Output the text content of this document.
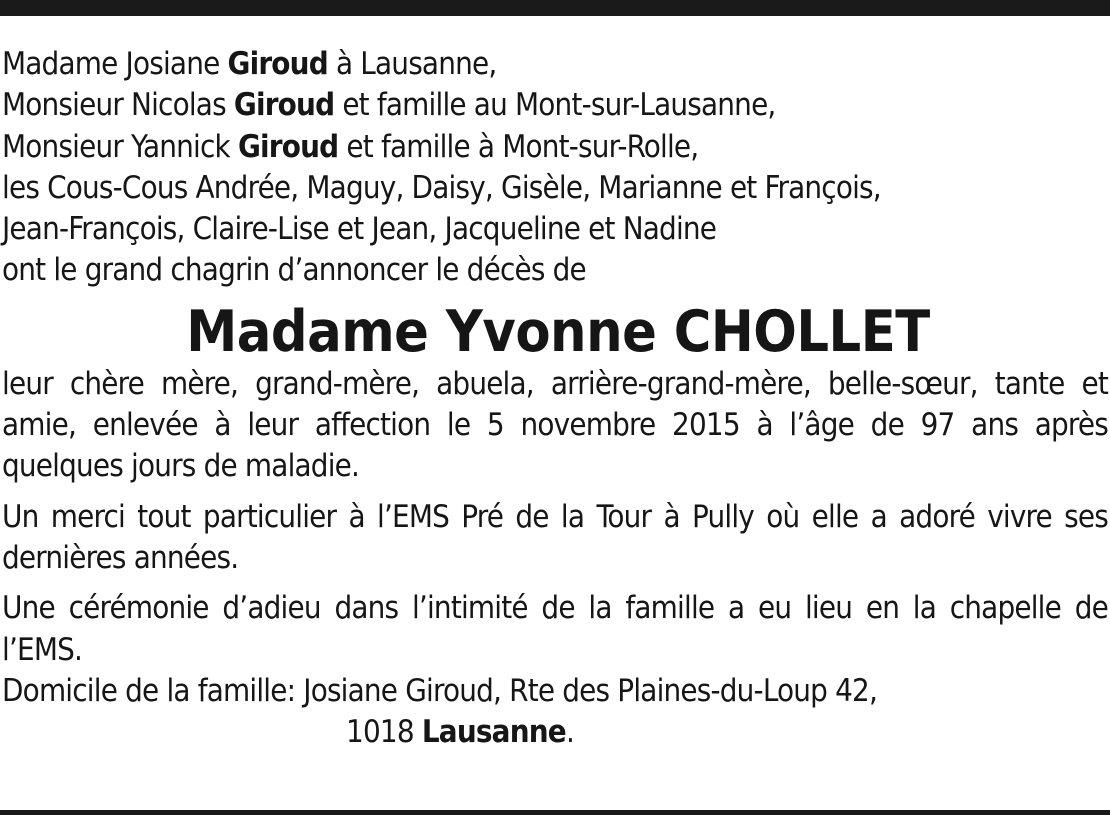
Madame Josiane Giroud à Lausanne,
Monsieur Nicolas Giroud et famille au Mont-sur-Lausanne,
Monsieur Yannick Giroud et famille à Mont-sur-Rolle,
les Cous-Cous Andrée, Maguy, Daisy, Gisèle, Marianne et François,
Jean-François, Claire-Lise et Jean, Jacqueline et Nadine
ont le grand chagrin d’annoncer le décès de
Madame Yvonne CHOLLET
leur chère mère, grand-mère, abuela, arrière-grand-mère, belle-sœur, tante et amie, enlevée à leur affection le 5 novembre 2015 à l’âge de 97 ans après quelques jours de maladie.
Un merci tout particulier à l’EMS Pré de la Tour à Pully où elle a adoré vivre ses dernières années.
Une cérémonie d’adieu dans l’intimité de la famille a eu lieu en la chapelle de l’EMS.
Domicile de la famille: Josiane Giroud, Rte des Plaines-du-Loup 42,
1018 Lausanne.
